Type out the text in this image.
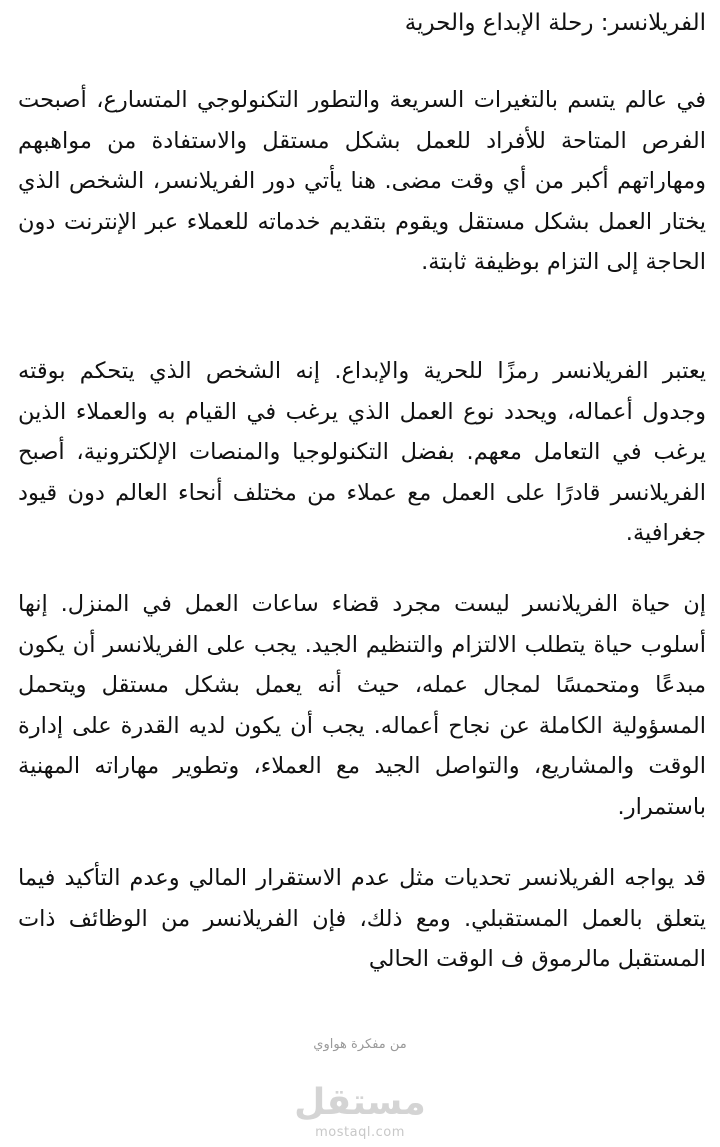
الفريلانسر: رحلة الإبداع والحرية

في عالم يتسم بالتغيرات السريعة والتطور التكنولوجي المتسارع، أصبحت الفرص المتاحة للأفراد للعمل بشكل مستقل والاستفادة من مواهبهم ومهاراتهم أكبر من أي وقت مضى. هنا يأتي دور الفريلانسر، الشخص الذي يختار العمل بشكل مستقل ويقوم بتقديم خدماته للعملاء عبر الإنترنت دون الحاجة إلى التزام بوظيفة ثابتة.

يعتبر الفريلانسر رمزًا للحرية والإبداع. إنه الشخص الذي يتحكم بوقته وجدول أعماله، ويحدد نوع العمل الذي يرغب في القيام به والعملاء الذين يرغب في التعامل معهم. بفضل التكنولوجيا والمنصات الإلكترونية، أصبح الفريلانسر قادرًا على العمل مع عملاء من مختلف أنحاء العالم دون قيود جغرافية.

إن حياة الفريلانسر ليست مجرد قضاء ساعات العمل في المنزل. إنها أسلوب حياة يتطلب الالتزام والتنظيم الجيد. يجب على الفريلانسر أن يكون مبدعًا ومتحمسًا لمجال عمله، حيث أنه يعمل بشكل مستقل ويتحمل المسؤولية الكاملة عن نجاح أعماله. يجب أن يكون لديه القدرة على إدارة الوقت والمشاريع، والتواصل الجيد مع العملاء، وتطوير مهاراته المهنية باستمرار.

قد يواجه الفريلانسر تحديات مثل عدم الاستقرار المالي وعدم التأكيد فيما يتعلق بالعمل المستقبلي. ومع ذلك، فإن الفريلانسر من الوظائف ذات المستقبل مالرموق ف الوقت الحالي

من مفكرة هواوي
مستقل
mostaql.com
